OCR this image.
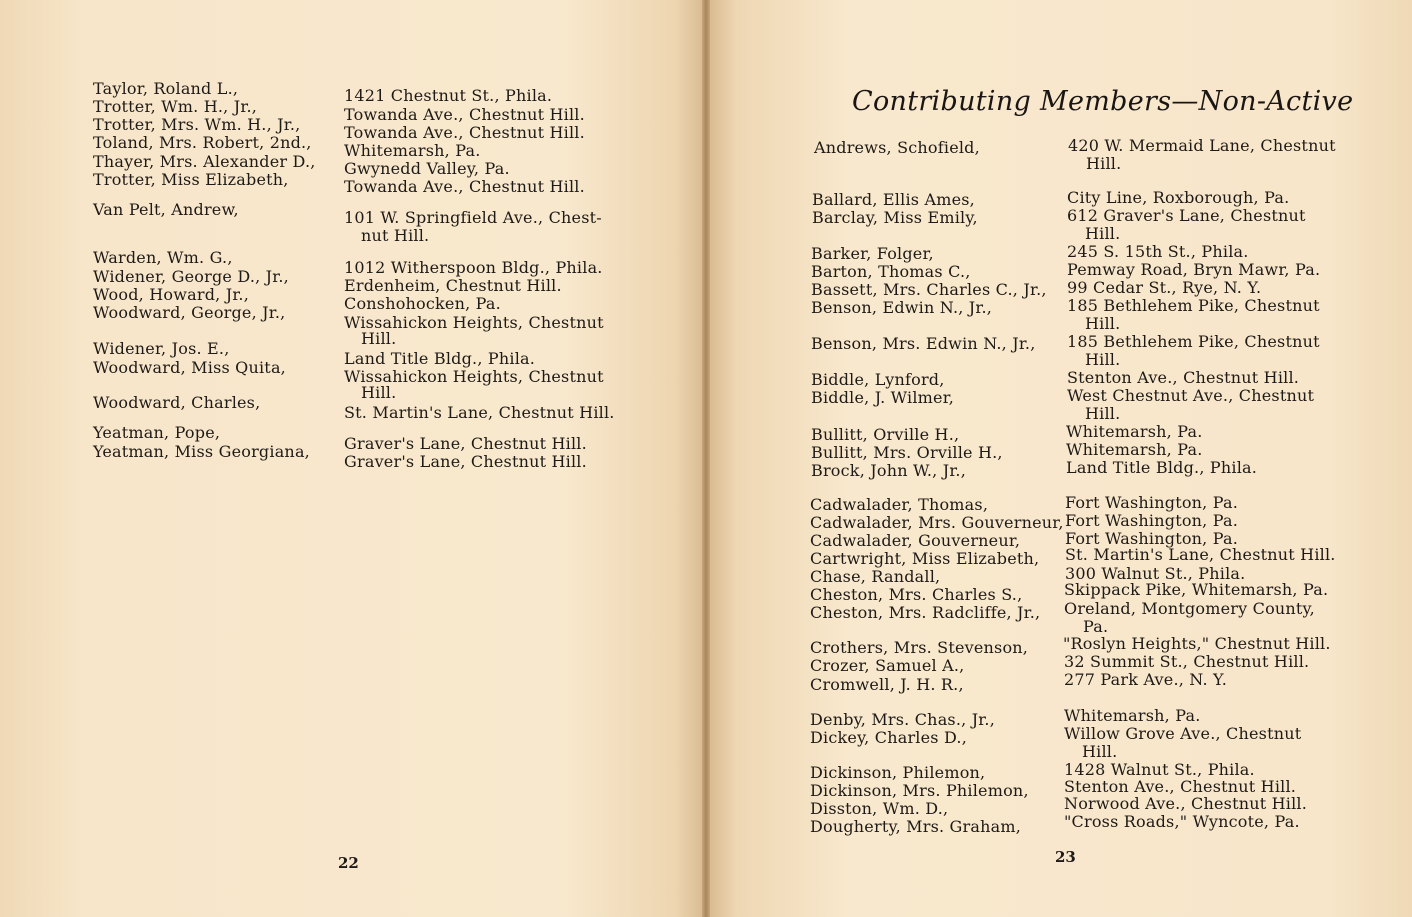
Taylor, Roland L.,
Trotter, Wm. H., Jr.,
Trotter, Mrs. Wm. H., Jr.,
Toland, Mrs. Robert, 2nd.,
Thayer, Mrs. Alexander D.,
Trotter, Miss Elizabeth,
Van Pelt, Andrew,
Warden, Wm. G.,
Widener, George D., Jr.,
Wood, Howard, Jr.,
Woodward, George, Jr.,
Widener, Jos. E.,
Woodward, Miss Quita,
Woodward, Charles,
Yeatman, Pope,
Yeatman, Miss Georgiana,
1421 Chestnut St., Phila.
Towanda Ave., Chestnut Hill.
Towanda Ave., Chestnut Hill.
Whitemarsh, Pa.
Gwynedd Valley, Pa.
Towanda Ave., Chestnut Hill.
101 W. Springfield Ave., Chest-
nut Hill.
1012 Witherspoon Bldg., Phila.
Erdenheim, Chestnut Hill.
Conshohocken, Pa.
Wissahickon Heights, Chestnut
Hill.
Land Title Bldg., Phila.
Wissahickon Heights, Chestnut
Hill.
St. Martin's Lane, Chestnut Hill.
Graver's Lane, Chestnut Hill.
Graver's Lane, Chestnut Hill.
22
Contributing Members—Non-Active
Andrews, Schofield,
Ballard, Ellis Ames,
Barclay, Miss Emily,
Barker, Folger,
Barton, Thomas C.,
Bassett, Mrs. Charles C., Jr.,
Benson, Edwin N., Jr.,
Benson, Mrs. Edwin N., Jr.,
Biddle, Lynford,
Biddle, J. Wilmer,
Bullitt, Orville H.,
Bullitt, Mrs. Orville H.,
Brock, John W., Jr.,
Cadwalader, Thomas,
Cadwalader, Mrs. Gouverneur,
Cadwalader, Gouverneur,
Cartwright, Miss Elizabeth,
Chase, Randall,
Cheston, Mrs. Charles S.,
Cheston, Mrs. Radcliffe, Jr.,
Crothers, Mrs. Stevenson,
Crozer, Samuel A.,
Cromwell, J. H. R.,
Denby, Mrs. Chas., Jr.,
Dickey, Charles D.,
Dickinson, Philemon,
Dickinson, Mrs. Philemon,
Disston, Wm. D.,
Dougherty, Mrs. Graham,
420 W. Mermaid Lane, Chestnut
Hill.
City Line, Roxborough, Pa.
612 Graver's Lane, Chestnut
Hill.
245 S. 15th St., Phila.
Pemway Road, Bryn Mawr, Pa.
99 Cedar St., Rye, N. Y.
185 Bethlehem Pike, Chestnut
Hill.
185 Bethlehem Pike, Chestnut
Hill.
Stenton Ave., Chestnut Hill.
West Chestnut Ave., Chestnut
Hill.
Whitemarsh, Pa.
Whitemarsh, Pa.
Land Title Bldg., Phila.
Fort Washington, Pa.
Fort Washington, Pa.
Fort Washington, Pa.
St. Martin's Lane, Chestnut Hill.
300 Walnut St., Phila.
Skippack Pike, Whitemarsh, Pa.
Oreland, Montgomery County,
Pa.
"Roslyn Heights," Chestnut Hill.
32 Summit St., Chestnut Hill.
277 Park Ave., N. Y.
Whitemarsh, Pa.
Willow Grove Ave., Chestnut
Hill.
1428 Walnut St., Phila.
Stenton Ave., Chestnut Hill.
Norwood Ave., Chestnut Hill.
"Cross Roads," Wyncote, Pa.
23
